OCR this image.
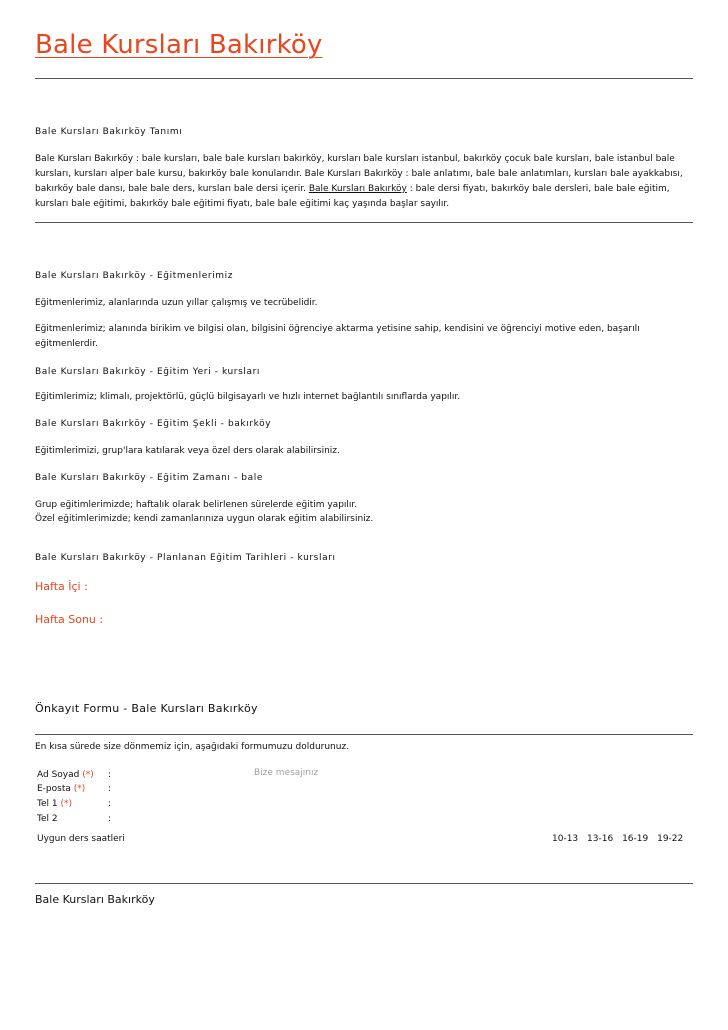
Bale Kursları Bakırköy
Bale Kursları Bakırköy Tanımı
Bale Kursları Bakırköy : bale kursları, bale bale kursları bakırköy, kursları bale kursları istanbul, bakırköy çocuk bale kursları, bale istanbul bale kursları, kursları alper bale kursu, bakırköy bale konularıdır. Bale Kursları Bakırköy : bale anlatımı, bale bale anlatımları, kursları bale ayakkabısı, bakırköy bale dansı, bale bale ders, kursları bale dersi içerir. Bale Kursları Bakırköy : bale dersi fiyatı, bakırköy bale dersleri, bale bale eğitim, kursları bale eğitimi, bakırköy bale eğitimi fiyatı, bale bale eğitimi kaç yaşında başlar sayılır.
Bale Kursları Bakırköy - Eğitmenlerimiz
Eğitmenlerimiz, alanlarında uzun yıllar çalışmış ve tecrübelidir.
Eğitmenlerimiz; alanında birikim ve bilgisi olan, bilgisini öğrenciye aktarma yetisine sahip, kendisini ve öğrenciyi motive eden, başarılı eğitmenlerdir.
Bale Kursları Bakırköy - Eğitim Yeri - kursları
Eğitimlerimiz; klimalı, projektörlü, güçlü bilgisayarlı ve hızlı internet bağlantılı sınıflarda yapılır.
Bale Kursları Bakırköy - Eğitim Şekli - bakırköy
Eğitimlerimizi, grup'lara katılarak veya özel ders olarak alabilirsiniz.
Bale Kursları Bakırköy - Eğitim Zamanı - bale
Grup eğitimlerimizde; haftalık olarak belirlenen sürelerde eğitim yapılır.
Özel eğitimlerimizde; kendi zamanlarınıza uygun olarak eğitim alabilirsiniz.
Bale Kursları Bakırköy - Planlanan Eğitim Tarihleri - kursları
Hafta İçi :
Hafta Sonu :
Önkayıt Formu - Bale Kursları Bakırköy
En kısa sürede size dönmemiz için, aşağıdaki formumuzu doldurunuz.
Ad Soyad (*) :
E-posta (*)	:
Tel 1 (*)	:
Tel 2	:
Bize mesajınız
Uygun ders saatleri	10-13 13-16 16-19 19-22
Bale Kursları Bakırköy
